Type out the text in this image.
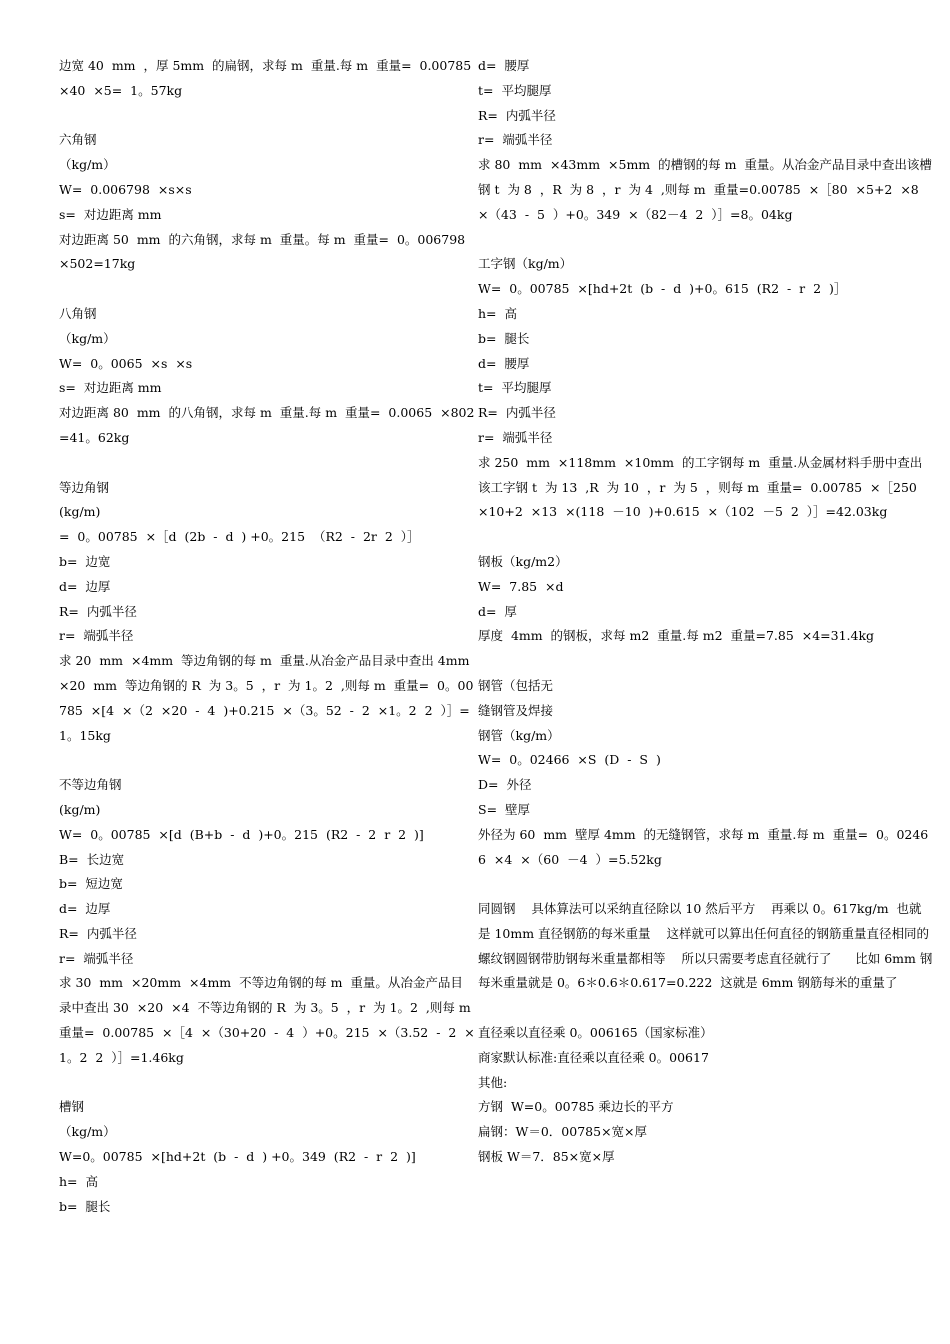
边宽 40  mm  ，厚 5mm  的扁钢，求每 m  重量.每 m  重量=  0.00785  ×40  ×5=  1。57kg
六角钢
（kg/m）
W=  0.006798  ×s×s
s=  对边距离 mm
对边距离 50  mm  的六角钢，求每 m  重量。每 m  重量=  0。006798  ×502=17kg
八角钢
（kg/m）
W=  0。0065  ×s  ×s
s=  对边距离 mm
对边距离 80  mm  的八角钢，求每 m  重量.每 m  重量=  0.0065  ×802=41。62kg
等边角钢
(kg/m)
=  0。00785  ×［d  (2b  -  d  ) +0。215  （R2  -  2r  2  ）］
b=  边宽
d=  边厚
R=  内弧半径
r=  端弧半径
求 20  mm  ×4mm  等边角钢的每 m  重量.从冶金产品目录中查出 4mm  ×20  mm  等边角钢的 R  为 3。5  ，r  为 1。2  ,则每 m  重量=  0。00785  ×[4  ×（2  ×20  -  4  )+0.215  ×（3。52  -  2  ×1。2  2  ）］=1。15kg
不等边角钢
(kg/m)
W=  0。00785  ×[d  (B+b  -  d  )+0。215  (R2  -  2  r  2  )]
B=  长边宽
b=  短边宽
d=  边厚
R=  内弧半径
r=  端弧半径
求 30  mm  ×20mm  ×4mm  不等边角钢的每 m  重量。从冶金产品目录中查出 30  ×20  ×4  不等边角钢的 R  为 3。5  ，r  为 1。2  ,则每 m  重量=  0.00785  ×［4  ×（30+20  -  4  ）+0。215  ×（3.52  -  2  ×1。2  2  ）］=1.46kg
槽钢
（kg/m）
W=0。00785  ×[hd+2t  (b  -  d  ) +0。349  (R2  -  r  2  )]
h=  高
b=  腿长
d=  腰厚
t=  平均腿厚
R=  内弧半径
r=  端弧半径
求 80  mm  ×43mm  ×5mm  的槽钢的每 m  重量。从冶金产品目录中查出该槽钢 t  为 8  ，R  为 8  ，r  为 4  ,则每 m  重量=0.00785  ×［80  ×5+2  ×8  ×（43  -  5  ）+0。349  ×（82－4  2  ）］=8。04kg
工字钢（kg/m）
W=  0。00785  ×[hd+2t  (b  -  d  )+0。615  (R2  -  r  2  )］
h=  高
b=  腿长
d=  腰厚
t=  平均腿厚
R=  内弧半径
r=  端弧半径
求 250  mm  ×118mm  ×10mm  的工字钢每 m  重量.从金属材料手册中查出该工字钢 t  为 13  ,R  为 10  ，r  为 5  ，则每 m  重量=  0.00785  ×［250  ×10+2  ×13  ×(118  －10  )+0.615  ×（102  －5  2  ）］=42.03kg
钢板（kg/m2）
W=  7.85  ×d
d=  厚
厚度  4mm  的钢板，求每 m2  重量.每 m2  重量=7.85  ×4=31.4kg
钢管（包括无
缝钢管及焊接
钢管（kg/m）
W=  0。02466  ×S  (D  -  S  )
D=  外径
S=  壁厚
外径为 60  mm  壁厚 4mm  的无缝钢管，求每 m  重量.每 m  重量=  0。02466  ×4  ×（60  －4  ）=5.52kg
同圆钢    具体算法可以采纳直径除以 10 然后平方    再乘以 0。617kg/m  也就是 10mm 直径钢筋的每米重量    这样就可以算出任何直径的钢筋重量直径相同的螺纹钢圆钢带肋钢每米重量都相等    所以只需要考虑直径就行了      比如 6mm 钢每米重量就是 0。6＊0.6＊0.617=0.222  这就是 6mm 钢筋每米的重量了
直径乘以直径乘 0。006165（国家标准）
商家默认标准:直径乘以直径乘 0。00617
其他:
方钢  W=0。00785 乘边长的平方
扁钢：W＝0．00785×宽×厚
钢板 W＝7．85×宽×厚
